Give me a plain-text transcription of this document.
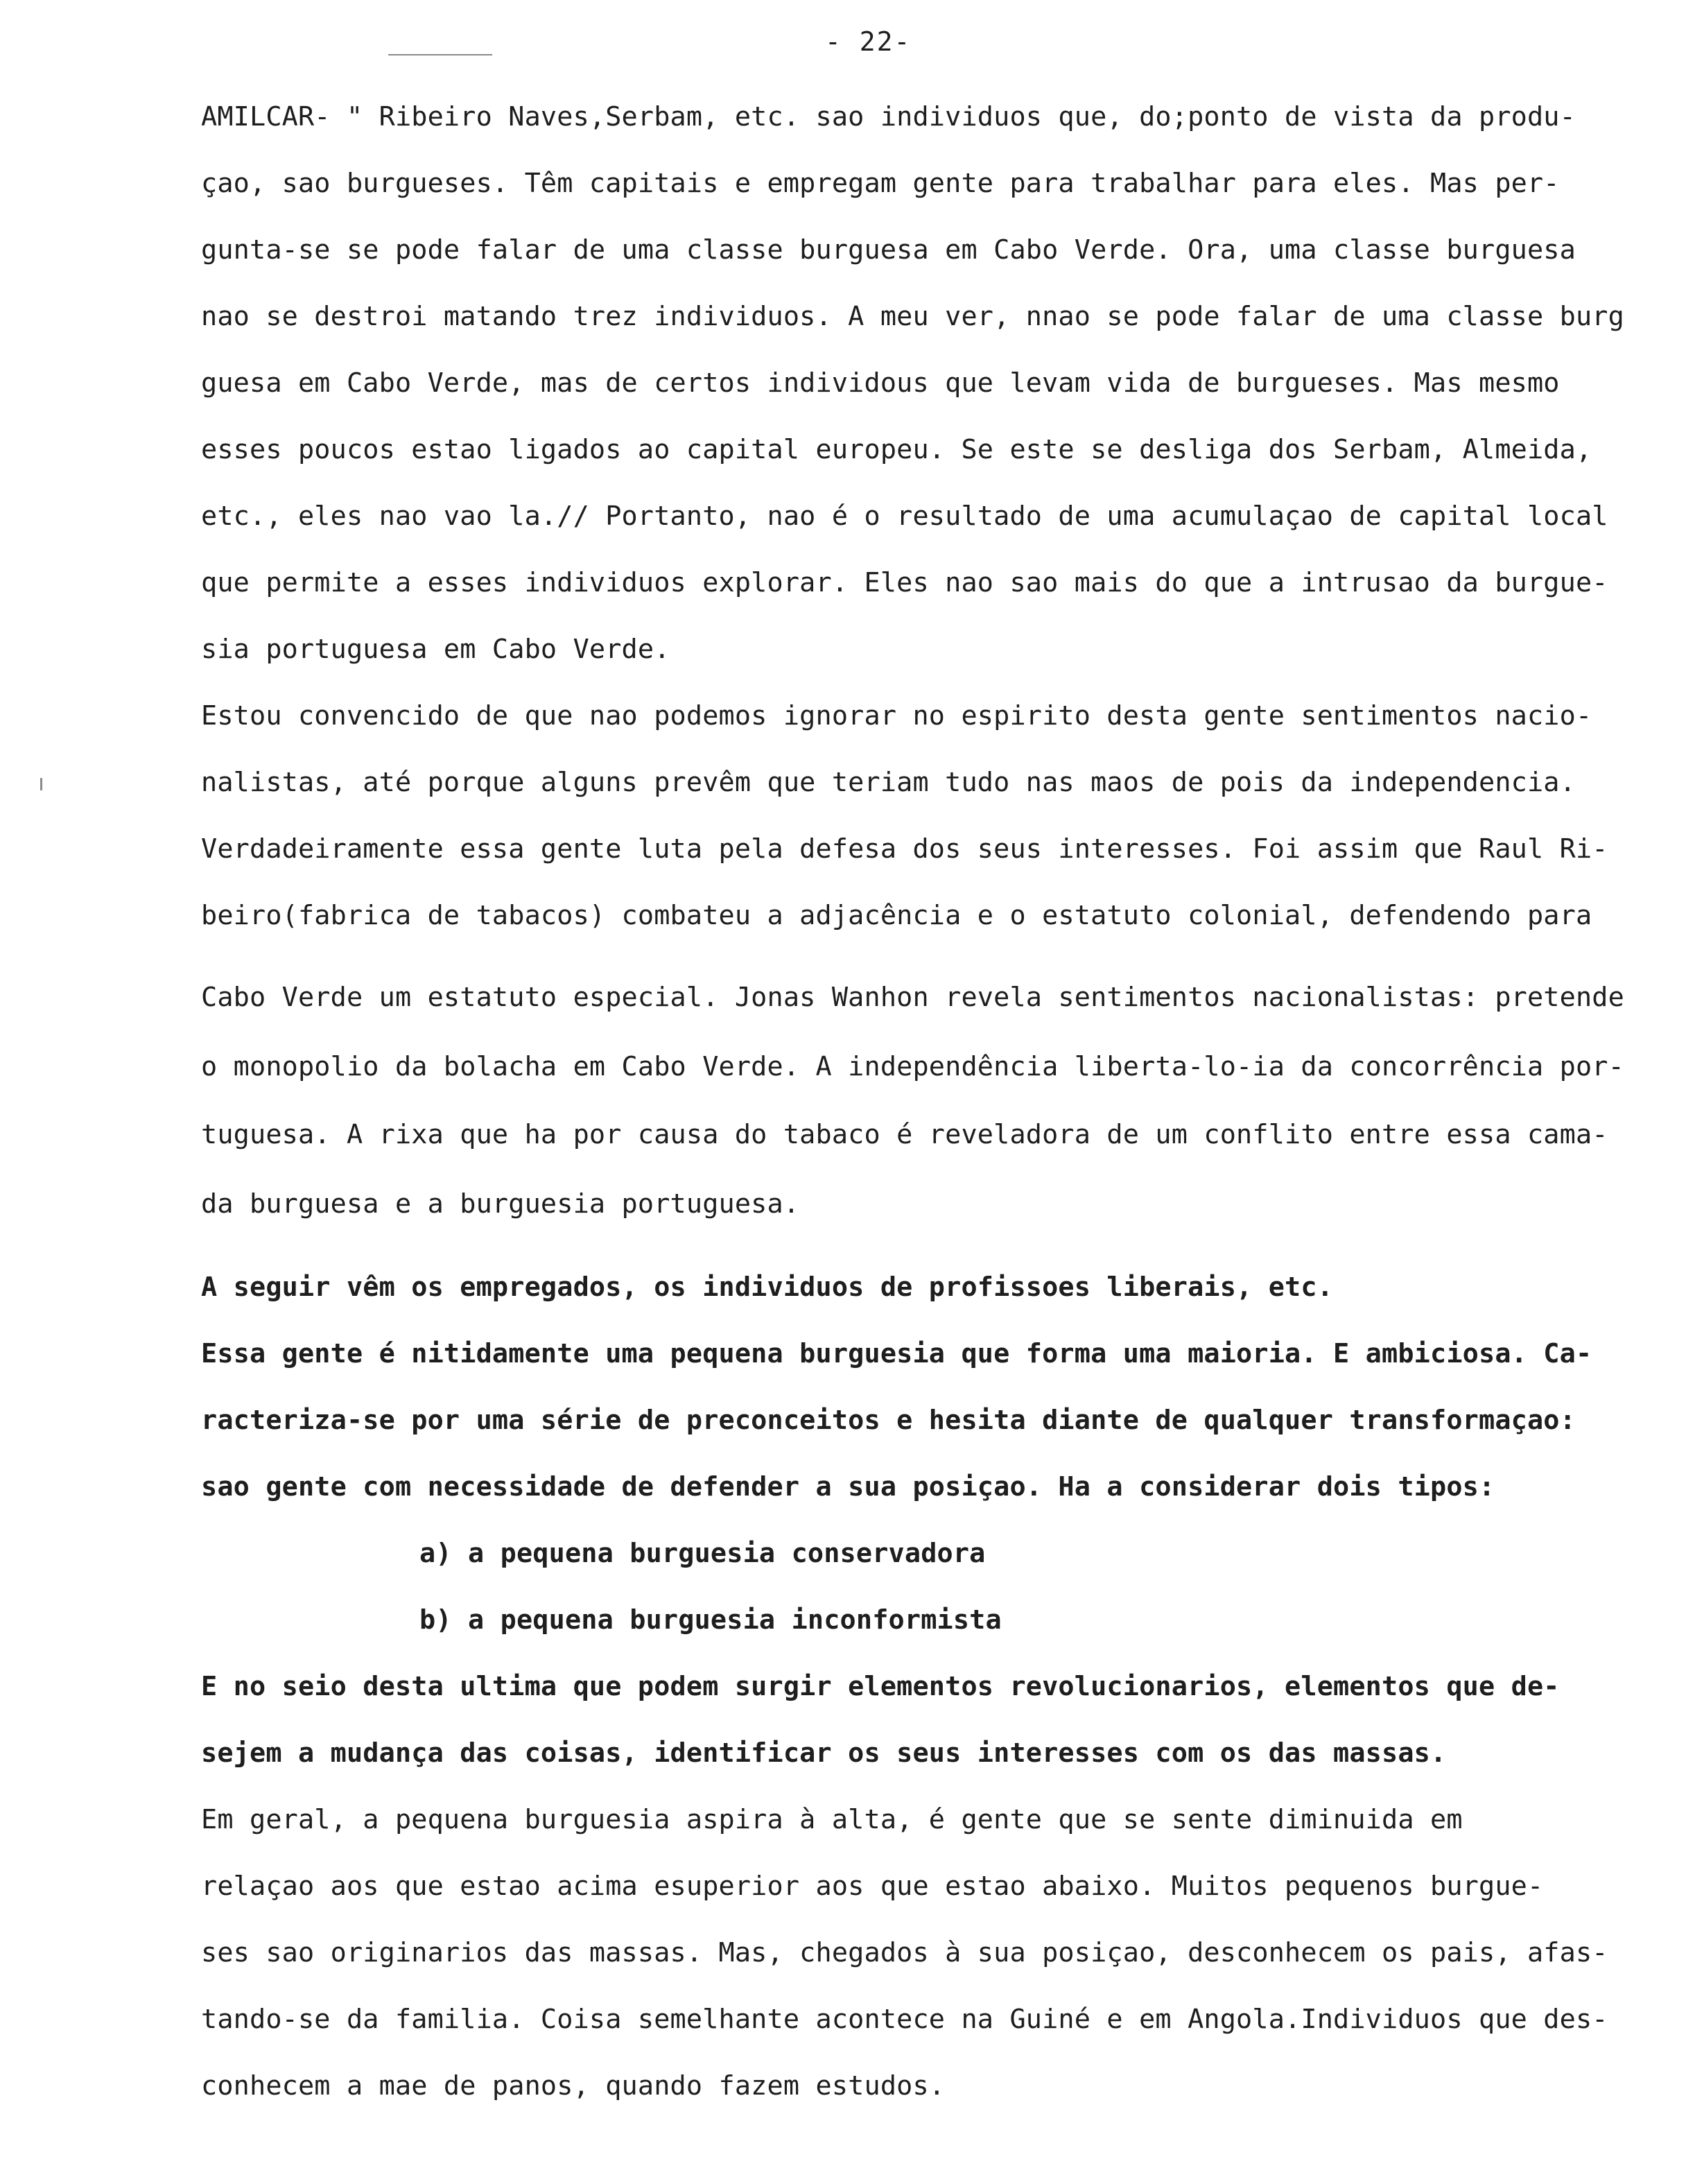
- 22-
AMILCAR- " Ribeiro Naves,Serbam, etc. sao individuos que, do;ponto de vista da produ-
çao, sao burgueses. Têm capitais e empregam gente para trabalhar para eles. Mas per-
gunta-se se pode falar de uma classe burguesa em Cabo Verde. Ora, uma classe burguesa
nao se destroi matando trez individuos. A meu ver, nnao se pode falar de uma classe burg
guesa em Cabo Verde, mas de certos individous que levam vida de burgueses. Mas mesmo
esses poucos estao ligados ao capital europeu. Se este se desliga dos Serbam, Almeida,
etc., eles nao vao la.// Portanto, nao é o resultado de uma acumulaçao de capital local
que permite a esses individuos explorar. Eles nao sao mais do que a intrusao da burgue-
sia portuguesa em Cabo Verde.
Estou convencido de que nao podemos ignorar no espirito desta gente sentimentos nacio-
nalistas, até porque alguns prevêm que teriam tudo nas maos de pois da independencia.
Verdadeiramente essa gente luta pela defesa dos seus interesses. Foi assim que Raul Ri-
beiro(fabrica de tabacos) combateu a adjacência e o estatuto colonial, defendendo para
Cabo Verde um estatuto especial. Jonas Wanhon revela sentimentos nacionalistas: pretende
o monopolio da bolacha em Cabo Verde. A independência liberta-lo-ia da concorrência por-
tuguesa. A rixa que ha por causa do tabaco é reveladora de um conflito entre essa cama-
da burguesa e a burguesia portuguesa.
A seguir vêm os empregados, os individuos de profissoes liberais, etc.
Essa gente é nitidamente uma pequena burguesia que forma uma maioria. E ambiciosa. Ca-
racteriza-se por uma série de preconceitos e hesita diante de qualquer transformaçao:
sao gente com necessidade de defender a sua posiçao. Ha a considerar dois tipos:
a) a pequena burguesia conservadora
b) a pequena burguesia inconformista
E no seio desta ultima que podem surgir elementos revolucionarios, elementos que de-
sejem a mudança das coisas, identificar os seus interesses com os das massas.
Em geral, a pequena burguesia aspira à alta, é gente que se sente diminuida em
relaçao aos que estao acima esuperior aos que estao abaixo. Muitos pequenos burgue-
ses sao originarios das massas. Mas, chegados à sua posiçao, desconhecem os pais, afas-
tando-se da familia. Coisa semelhante acontece na Guiné e em Angola.Individuos que des-
conhecem a mae de panos, quando fazem estudos.
